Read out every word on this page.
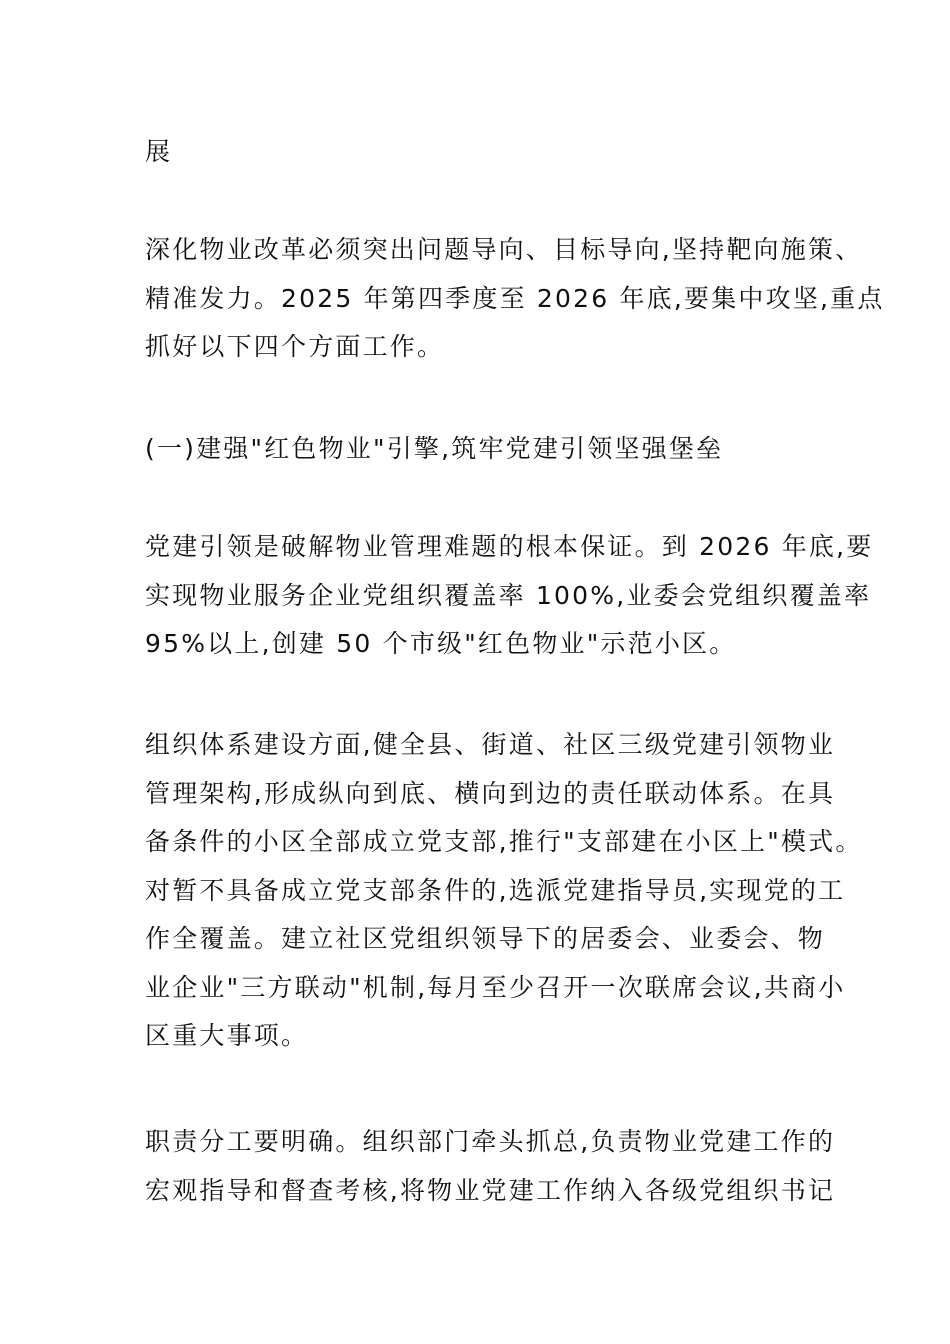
展
深化物业改革必须突出问题导向、目标导向,坚持靶向施策、
精准发力。2025 年第四季度至 2026 年底,要集中攻坚,重点
抓好以下四个方面工作。
(一)建强"红色物业"引擎,筑牢党建引领坚强堡垒
党建引领是破解物业管理难题的根本保证。到 2026 年底,要
实现物业服务企业党组织覆盖率 100%,业委会党组织覆盖率
95%以上,创建 50 个市级"红色物业"示范小区。
组织体系建设方面,健全县、街道、社区三级党建引领物业
管理架构,形成纵向到底、横向到边的责任联动体系。在具
备条件的小区全部成立党支部,推行"支部建在小区上"模式。
对暂不具备成立党支部条件的,选派党建指导员,实现党的工
作全覆盖。建立社区党组织领导下的居委会、业委会、物
业企业"三方联动"机制,每月至少召开一次联席会议,共商小
区重大事项。
职责分工要明确。组织部门牵头抓总,负责物业党建工作的
宏观指导和督查考核,将物业党建工作纳入各级党组织书记
